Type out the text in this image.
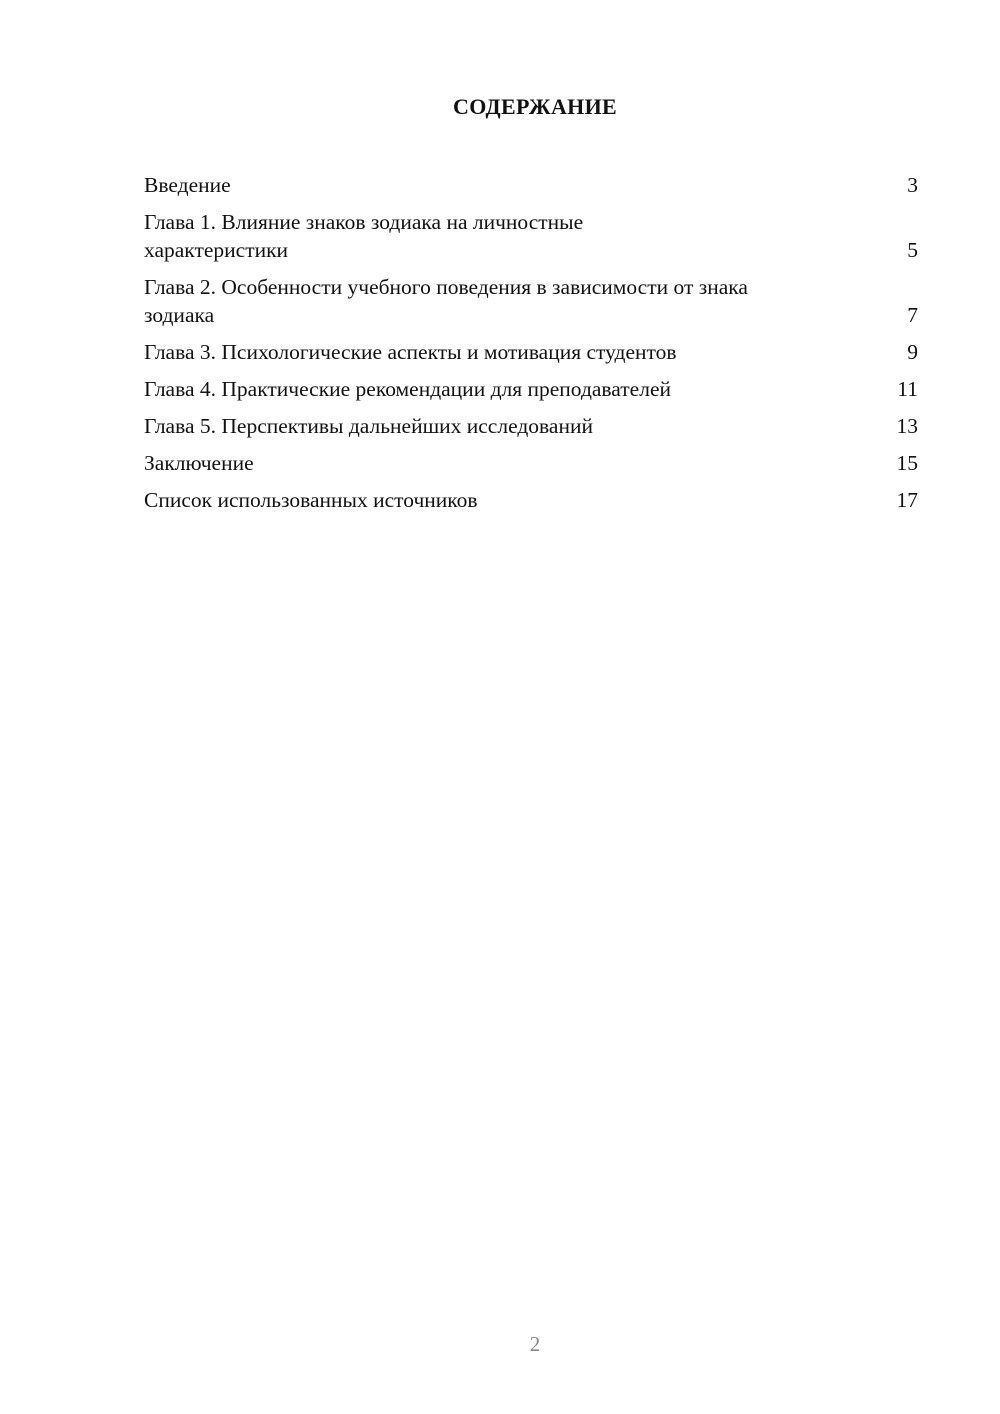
СОДЕРЖАНИЕ
Введение	3
Глава 1. Влияние знаков зодиака на личностные характеристики	5
Глава 2. Особенности учебного поведения в зависимости от знака зодиака	7
Глава 3. Психологические аспекты и мотивация студентов	9
Глава 4. Практические рекомендации для преподавателей	11
Глава 5. Перспективы дальнейших исследований	13
Заключение	15
Список использованных источников	17
2
